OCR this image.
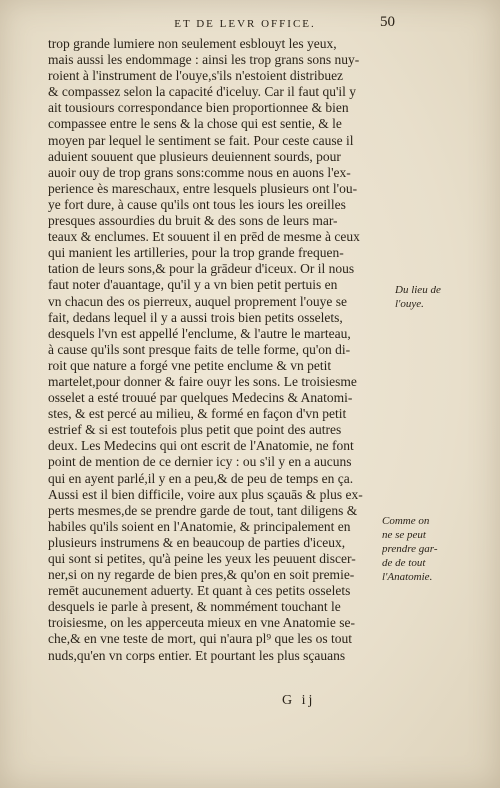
ET DE LEVR OFFICE.	50
trop grande lumiere non seulement esblouyt les yeux,
mais aussi les endommage : ainsi les trop grans sons nuy-
roient à l'instrument de l'ouye,s'ils n'estoient distribuez
& compassez selon la capacité d'iceluy. Car il faut qu'il y
ait tousiours correspondance bien proportionnee & bien
compassee entre le sens & la chose qui est sentie, & le
moyen par lequel le sentiment se fait. Pour ceste cause il
aduient souuent que plusieurs deuiennent sourds, pour
auoir ouy de trop grans sons:comme nous en auons l'ex-
perience ès mareschaux, entre lesquels plusieurs ont l'ou-
ye fort dure, à cause qu'ils ont tous les iours les oreilles
presques assourdies du bruit & des sons de leurs mar-
teaux & enclumes. Et souuent il en prēd de mesme à ceux
qui manient les artilleries, pour la trop grande frequen-
tation de leurs sons,& pour la grādeur d'iceux. Or il nous
faut noter d'auantage, qu'il y a vn bien petit pertuis en
vn chacun des os pierreux, auquel proprement l'ouye se
fait, dedans lequel il y a aussi trois bien petits osselets,
desquels l'vn est appellé l'enclume, & l'autre le marteau,
à cause qu'ils sont presque faits de telle forme, qu'on di-
roit que nature a forgé vne petite enclume & vn petit
martelet,pour donner & faire ouyr les sons. Le troisiesme
osselet a esté trouué par quelques Medecins & Anatomi-
stes, & est percé au milieu, & formé en façon d'vn petit
estrief & si est toutefois plus petit que point des autres
deux. Les Medecins qui ont escrit de l'Anatomie, ne font
point de mention de ce dernier icy : ou s'il y en a aucuns
qui en ayent parlé,il y en a peu,& de peu de temps en ça.
Aussi est il bien difficile, voire aux plus sçauās & plus ex-
perts mesmes,de se prendre garde de tout, tant diligens &
habiles qu'ils soient en l'Anatomie, & principalement en
plusieurs instrumens & en beaucoup de parties d'iceux,
qui sont si petites, qu'à peine les yeux les peuuent discer-
ner,si on ny regarde de bien pres,& qu'on en soit premie-
remēt aucunement aduerty. Et quant à ces petits osselets
desquels ie parle à present, & nommément touchant le
troisiesme, on les apperceuta mieux en vne Anatomie se-
che,& en vne teste de mort, qui n'aura pl⁹ que les os tout
nuds,qu'en vn corps entier. Et pourtant les plus sçauans
Du lieu de
l'ouye.
Comme on
ne se peut
prendre gar-
de de tout
l'Anatomie.
G ij
